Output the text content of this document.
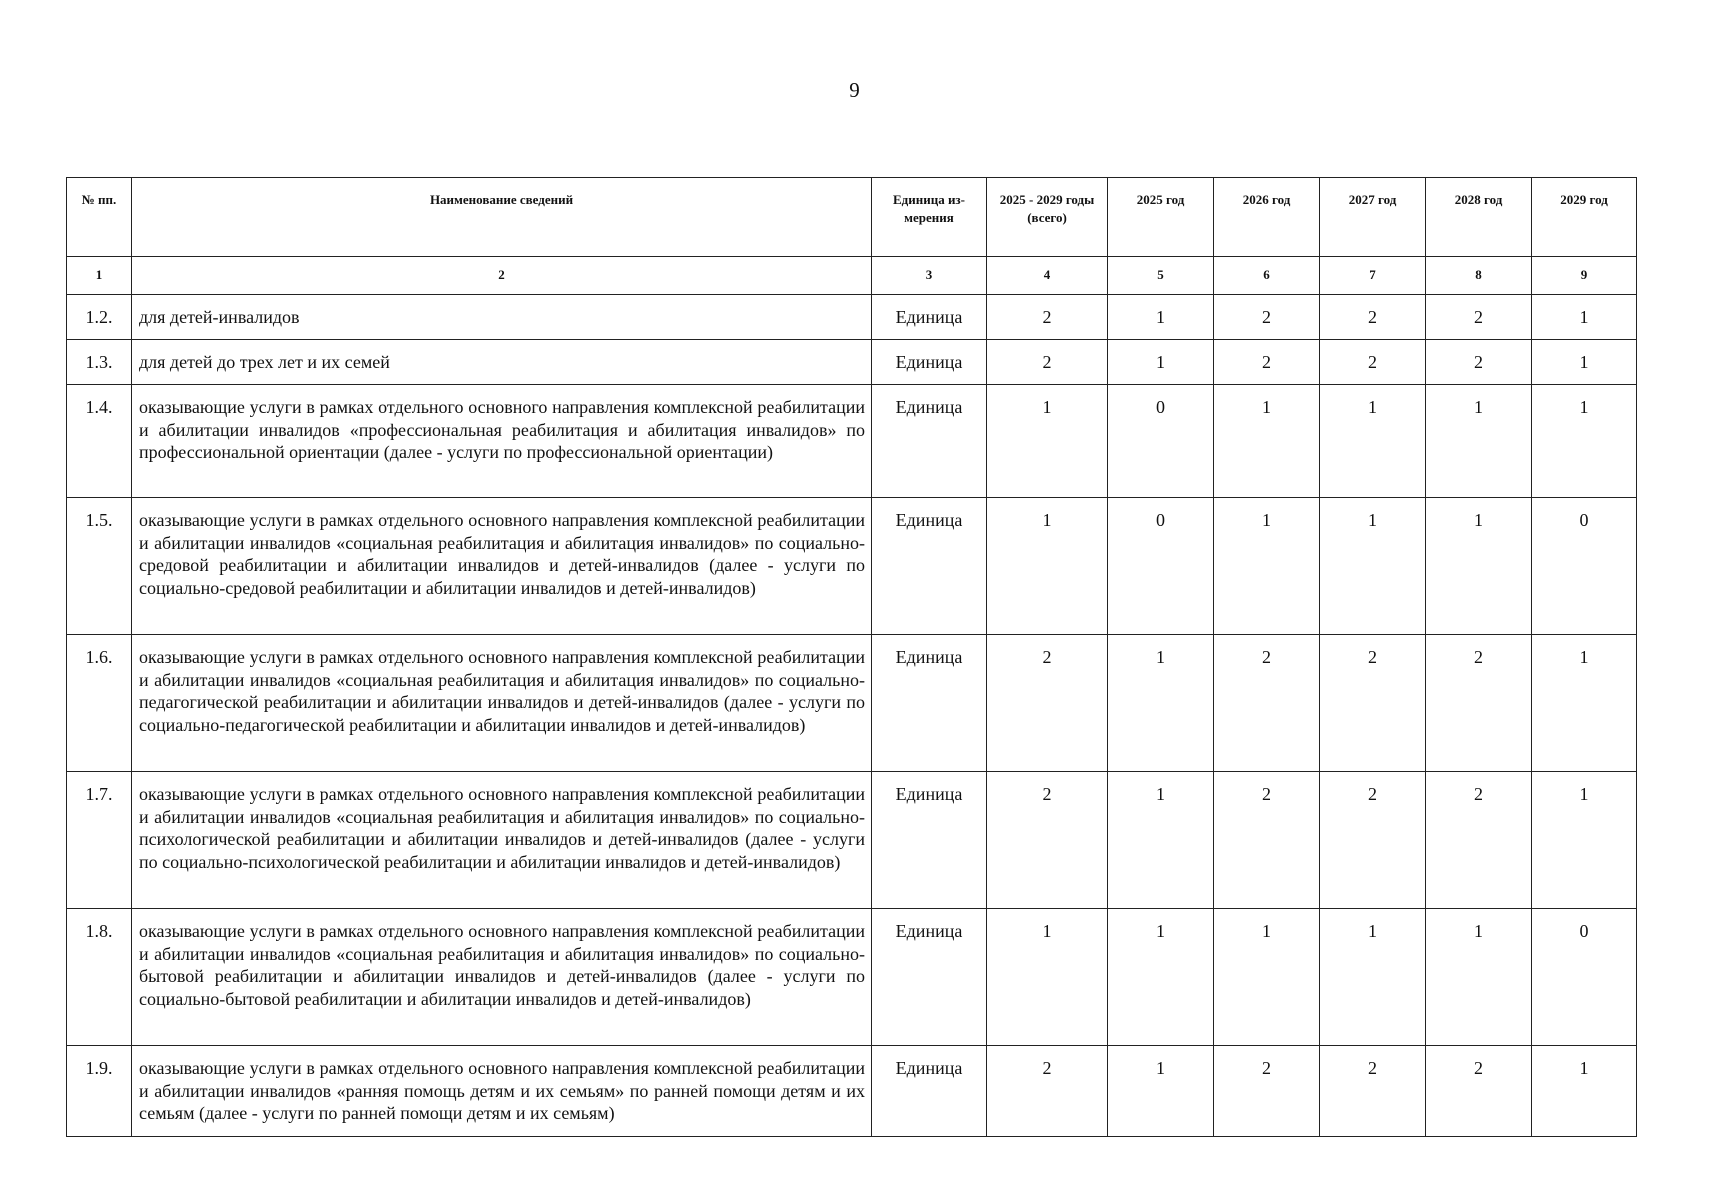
9
№ пп.	Наименование сведений	Единица из-мерения	2025 - 2029 годы (всего)	2025 год	2026 год	2027 год	2028 год	2029 год
1	2	3	4	5	6	7	8	9
1.2.	для детей-инвалидов	Единица	2	1	2	2	2	1
1.3.	для детей до трех лет и их семей	Единица	2	1	2	2	2	1
1.4.	оказывающие услуги в рамках отдельного основного направления комплексной реабилитации и абилитации инвалидов «профессиональная реабилитация и абилитация инвалидов» по профессиональной ориентации (далее - услуги по профессиональной ориентации)	Единица	1	0	1	1	1	1
1.5.	оказывающие услуги в рамках отдельного основного направления комплексной реабилитации и абилитации инвалидов «социальная реабилитация и абилитация инвалидов» по социально-средовой реабилитации и абилитации инвалидов и детей-инвалидов (далее - услуги по социально-средовой реабилитации и абилитации инвалидов и детей-инвалидов)	Единица	1	0	1	1	1	0
1.6.	оказывающие услуги в рамках отдельного основного направления комплексной реабилитации и абилитации инвалидов «социальная реабилитация и абилитация инвалидов» по социально-педагогической реабилитации и абилитации инвалидов и детей-инвалидов (далее - услуги по социально-педагогической реабилитации и абилитации инвалидов и детей-инвалидов)	Единица	2	1	2	2	2	1
1.7.	оказывающие услуги в рамках отдельного основного направления комплексной реабилитации и абилитации инвалидов «социальная реабилитация и абилитация инвалидов» по социально-психологической реабилитации и абилитации инвалидов и детей-инвалидов (далее - услуги по социально-психологической реабилитации и абилитации инвалидов и детей-инвалидов)	Единица	2	1	2	2	2	1
1.8.	оказывающие услуги в рамках отдельного основного направления комплексной реабилитации и абилитации инвалидов «социальная реабилитация и абилитация инвалидов» по социально-бытовой реабилитации и абилитации инвалидов и детей-инвалидов (далее - услуги по социально-бытовой реабилитации и абилитации инвалидов и детей-инвалидов)	Единица	1	1	1	1	1	0
1.9.	оказывающие услуги в рамках отдельного основного направления комплексной реабилитации и абилитации инвалидов «ранняя помощь детям и их семьям» по ранней помощи детям и их семьям (далее - услуги по ранней помощи детям и их семьям)	Единица	2	1	2	2	2	1
